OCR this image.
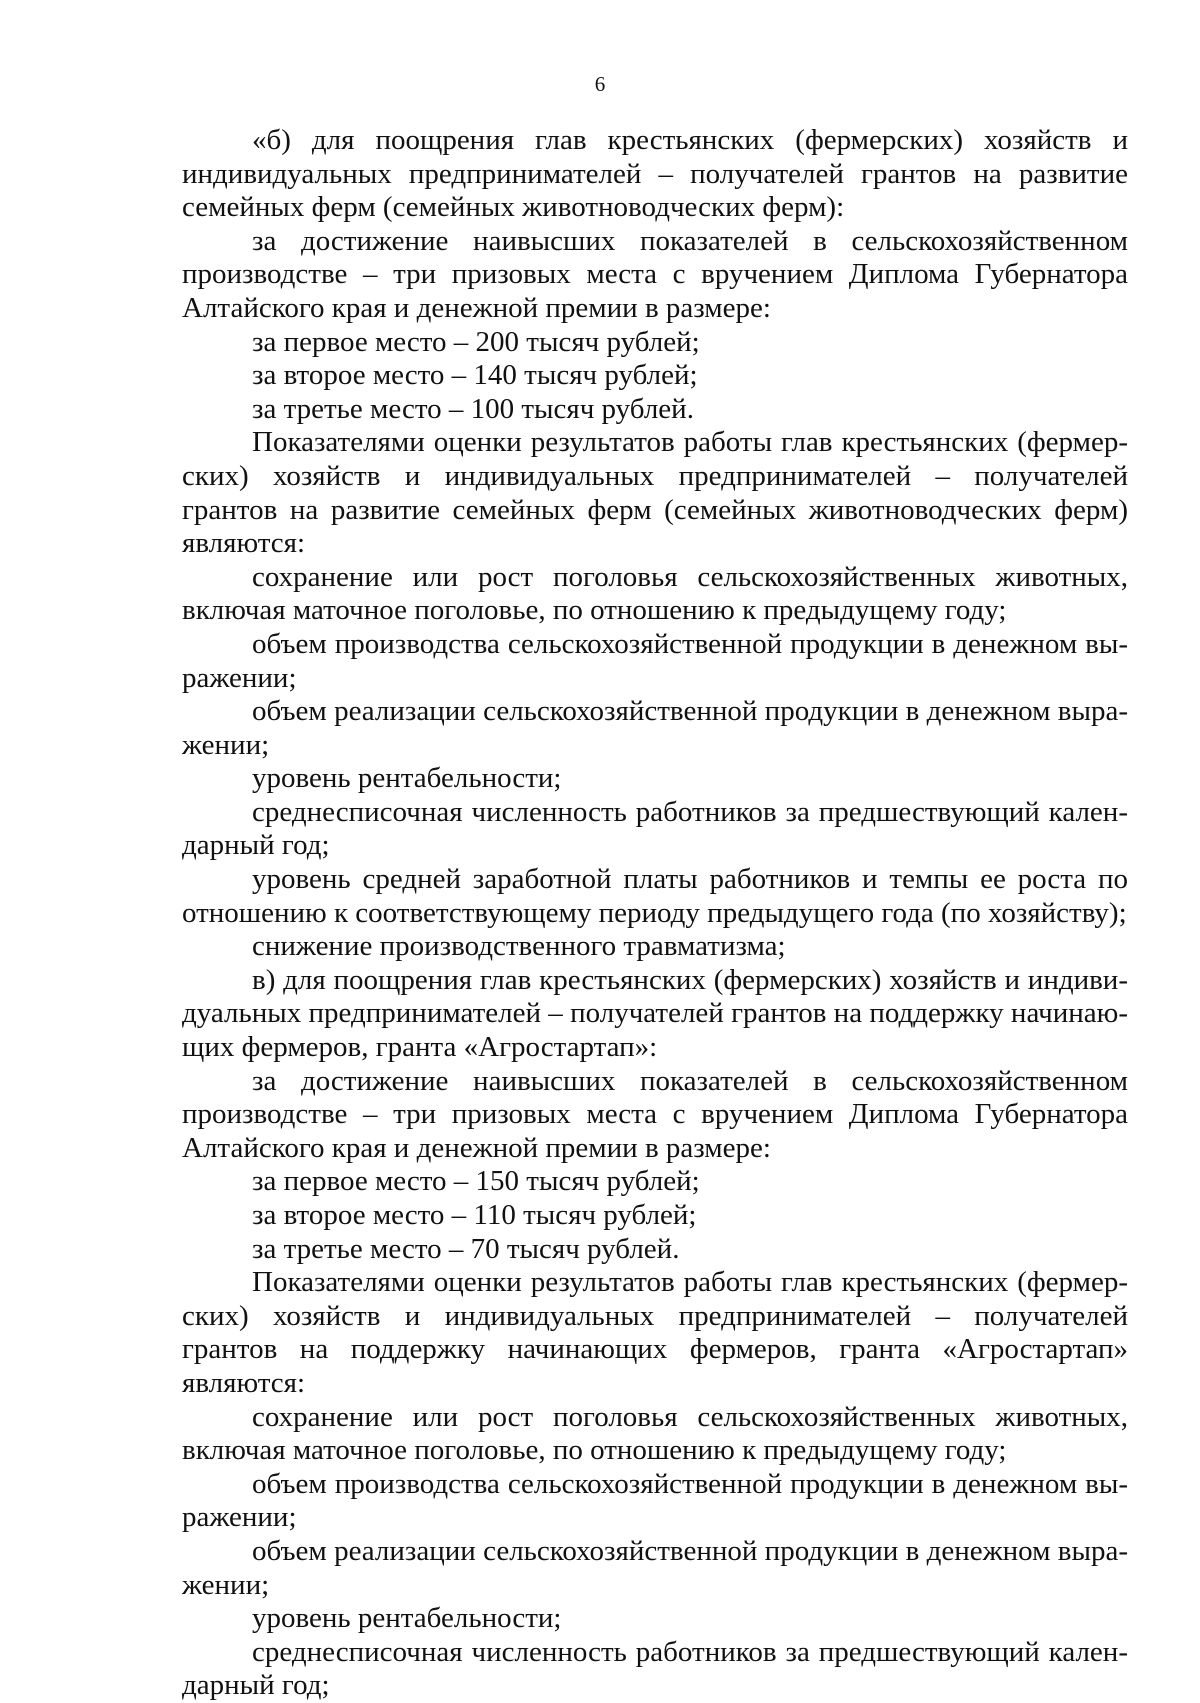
6

«б) для поощрения глав крестьянских (фермерских) хозяйств и индивидуальных предпринимателей – получателей грантов на развитие семейных ферм (семейных животноводческих ферм):

за достижение наивысших показателей в сельскохозяйственном производстве – три призовых места с вручением Диплома Губернатора Алтайского края и денежной премии в размере:

за первое место – 200 тысяч рублей;

за второе место – 140 тысяч рублей;

за третье место – 100 тысяч рублей.

Показателями оценки результатов работы глав крестьянских (фермерских) хозяйств и индивидуальных предпринимателей – получателей грантов на развитие семейных ферм (семейных животноводческих ферм) являются:

сохранение или рост поголовья сельскохозяйственных животных, включая маточное поголовье, по отношению к предыдущему году;

объем производства сельскохозяйственной продукции в денежном выражении;

объем реализации сельскохозяйственной продукции в денежном выражении;

уровень рентабельности;

среднесписочная численность работников за предшествующий календарный год;

уровень средней заработной платы работников и темпы ее роста по отношению к соответствующему периоду предыдущего года (по хозяйству);

снижение производственного травматизма;

в) для поощрения глав крестьянских (фермерских) хозяйств и индивидуальных предпринимателей – получателей грантов на поддержку начинающих фермеров, гранта «Агростартап»:

за достижение наивысших показателей в сельскохозяйственном производстве – три призовых места с вручением Диплома Губернатора Алтайского края и денежной премии в размере:

за первое место – 150 тысяч рублей;

за второе место – 110 тысяч рублей;

за третье место – 70 тысяч рублей.

Показателями оценки результатов работы глав крестьянских (фермерских) хозяйств и индивидуальных предпринимателей – получателей грантов на поддержку начинающих фермеров, гранта «Агростартап» являются:

сохранение или рост поголовья сельскохозяйственных животных, включая маточное поголовье, по отношению к предыдущему году;

объем производства сельскохозяйственной продукции в денежном выражении;

объем реализации сельскохозяйственной продукции в денежном выражении;

уровень рентабельности;

среднесписочная численность работников за предшествующий календарный год;
